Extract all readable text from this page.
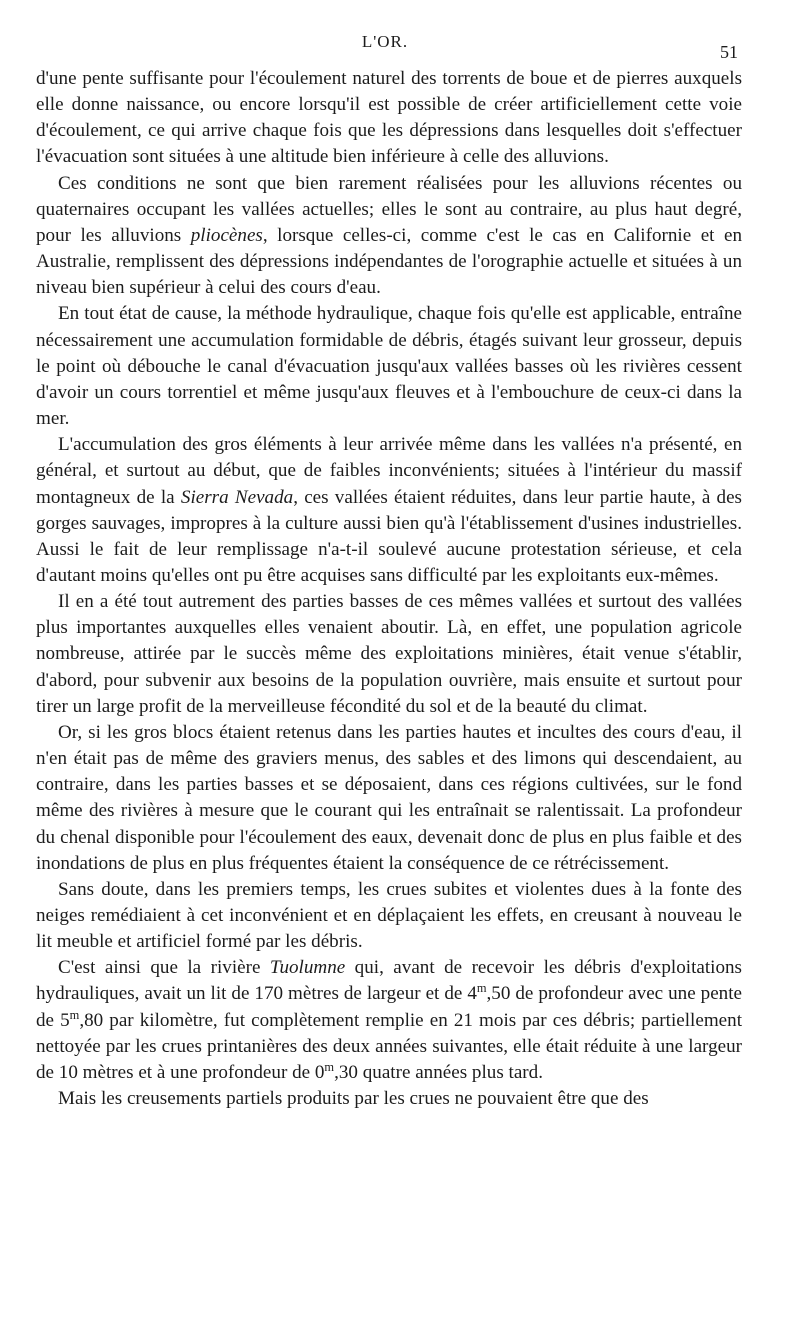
L'OR.
51

d'une pente suffisante pour l'écoulement naturel des torrents de boue et de pierres auxquels elle donne naissance, ou encore lorsqu'il est possible de créer artificiellement cette voie d'écoulement, ce qui arrive chaque fois que les dépressions dans lesquelles doit s'effectuer l'évacuation sont situées à une altitude bien inférieure à celle des alluvions.

Ces conditions ne sont que bien rarement réalisées pour les alluvions récentes ou quaternaires occupant les vallées actuelles; elles le sont au contraire, au plus haut degré, pour les alluvions pliocènes, lorsque celles-ci, comme c'est le cas en Californie et en Australie, remplissent des dépressions indépendantes de l'orographie actuelle et situées à un niveau bien supérieur à celui des cours d'eau.

En tout état de cause, la méthode hydraulique, chaque fois qu'elle est applicable, entraîne nécessairement une accumulation formidable de débris, étagés suivant leur grosseur, depuis le point où débouche le canal d'évacuation jusqu'aux vallées basses où les rivières cessent d'avoir un cours torrentiel et même jusqu'aux fleuves et à l'embouchure de ceux-ci dans la mer.

L'accumulation des gros éléments à leur arrivée même dans les vallées n'a présenté, en général, et surtout au début, que de faibles inconvénients; situées à l'intérieur du massif montagneux de la Sierra Nevada, ces vallées étaient réduites, dans leur partie haute, à des gorges sauvages, impropres à la culture aussi bien qu'à l'établissement d'usines industrielles. Aussi le fait de leur remplissage n'a-t-il soulevé aucune protestation sérieuse, et cela d'autant moins qu'elles ont pu être acquises sans difficulté par les exploitants eux-mêmes.

Il en a été tout autrement des parties basses de ces mêmes vallées et surtout des vallées plus importantes auxquelles elles venaient aboutir. Là, en effet, une population agricole nombreuse, attirée par le succès même des exploitations minières, était venue s'établir, d'abord, pour subvenir aux besoins de la population ouvrière, mais ensuite et surtout pour tirer un large profit de la merveilleuse fécondité du sol et de la beauté du climat.

Or, si les gros blocs étaient retenus dans les parties hautes et incultes des cours d'eau, il n'en était pas de même des graviers menus, des sables et des limons qui descendaient, au contraire, dans les parties basses et se déposaient, dans ces régions cultivées, sur le fond même des rivières à mesure que le courant qui les entraînait se ralentissait. La profondeur du chenal disponible pour l'écoulement des eaux, devenait donc de plus en plus faible et des inondations de plus en plus fréquentes étaient la conséquence de ce rétrécissement.

Sans doute, dans les premiers temps, les crues subites et violentes dues à la fonte des neiges remédiaient à cet inconvénient et en déplaçaient les effets, en creusant à nouveau le lit meuble et artificiel formé par les débris.

C'est ainsi que la rivière Tuolumne qui, avant de recevoir les débris d'exploitations hydrauliques, avait un lit de 170 mètres de largeur et de 4$^m$,50 de profondeur avec une pente de 5$^m$,80 par kilomètre, fut complètement remplie en 21 mois par ces débris; partiellement nettoyée par les crues printanières des deux années suivantes, elle était réduite à une largeur de 10 mètres et à une profondeur de 0$^m$,30 quatre années plus tard.

Mais les creusements partiels produits par les crues ne pouvaient être que des
